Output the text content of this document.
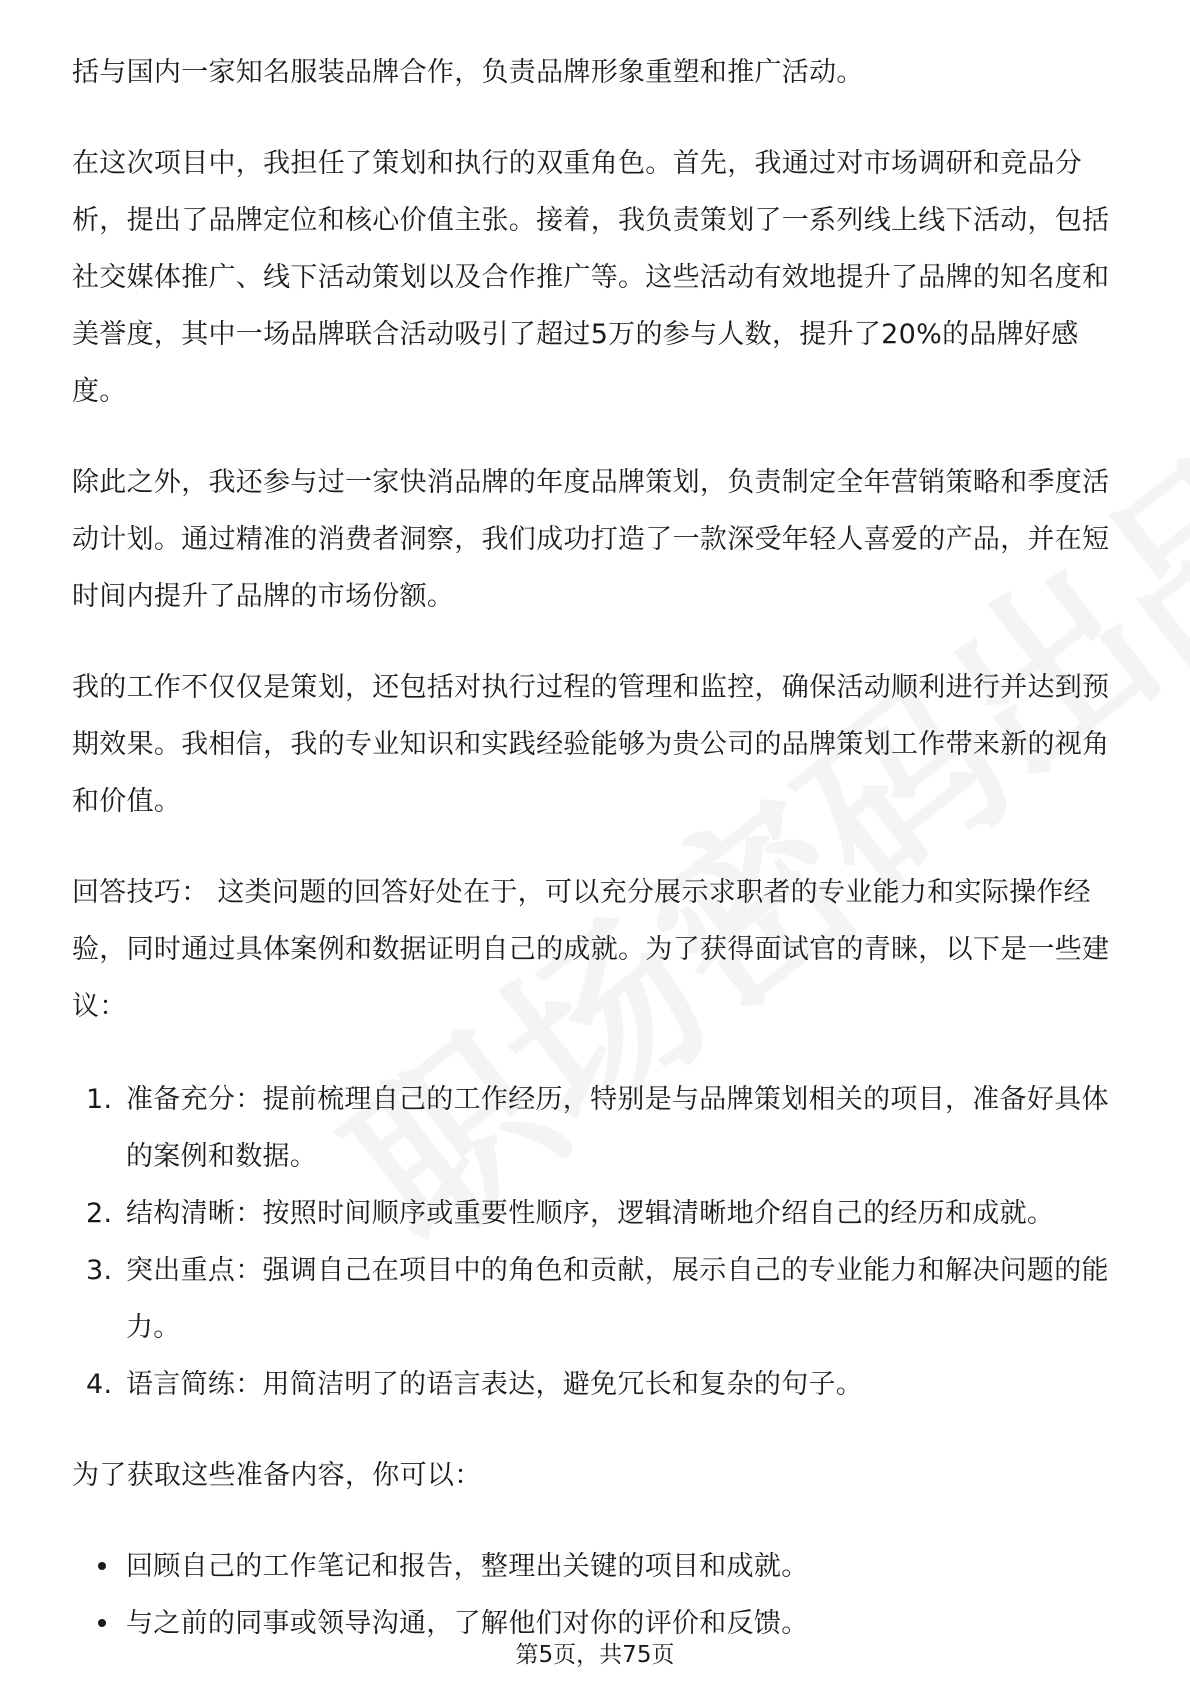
括与国内一家知名服装品牌合作，负责品牌形象重塑和推广活动。

在这次项目中，我担任了策划和执行的双重角色。首先，我通过对市场调研和竞品分析，提出了品牌定位和核心价值主张。接着，我负责策划了一系列线上线下活动，包括社交媒体推广、线下活动策划以及合作推广等。这些活动有效地提升了品牌的知名度和美誉度，其中一场品牌联合活动吸引了超过5万的参与人数，提升了20%的品牌好感度。

除此之外，我还参与过一家快消品牌的年度品牌策划，负责制定全年营销策略和季度活动计划。通过精准的消费者洞察，我们成功打造了一款深受年轻人喜爱的产品，并在短时间内提升了品牌的市场份额。

我的工作不仅仅是策划，还包括对执行过程的管理和监控，确保活动顺利进行并达到预期效果。我相信，我的专业知识和实践经验能够为贵公司的品牌策划工作带来新的视角和价值。

回答技巧： 这类问题的回答好处在于，可以充分展示求职者的专业能力和实际操作经验，同时通过具体案例和数据证明自己的成就。为了获得面试官的青睐，以下是一些建议：

1. 准备充分：提前梳理自己的工作经历，特别是与品牌策划相关的项目，准备好具体的案例和数据。
2. 结构清晰：按照时间顺序或重要性顺序，逻辑清晰地介绍自己的经历和成就。
3. 突出重点：强调自己在项目中的角色和贡献，展示自己的专业能力和解决问题的能力。
4. 语言简练：用简洁明了的语言表达，避免冗长和复杂的句子。

为了获取这些准备内容，你可以：

回顾自己的工作笔记和报告，整理出关键的项目和成就。
与之前的同事或领导沟通，了解他们对你的评价和反馈。
第5页，共75页
